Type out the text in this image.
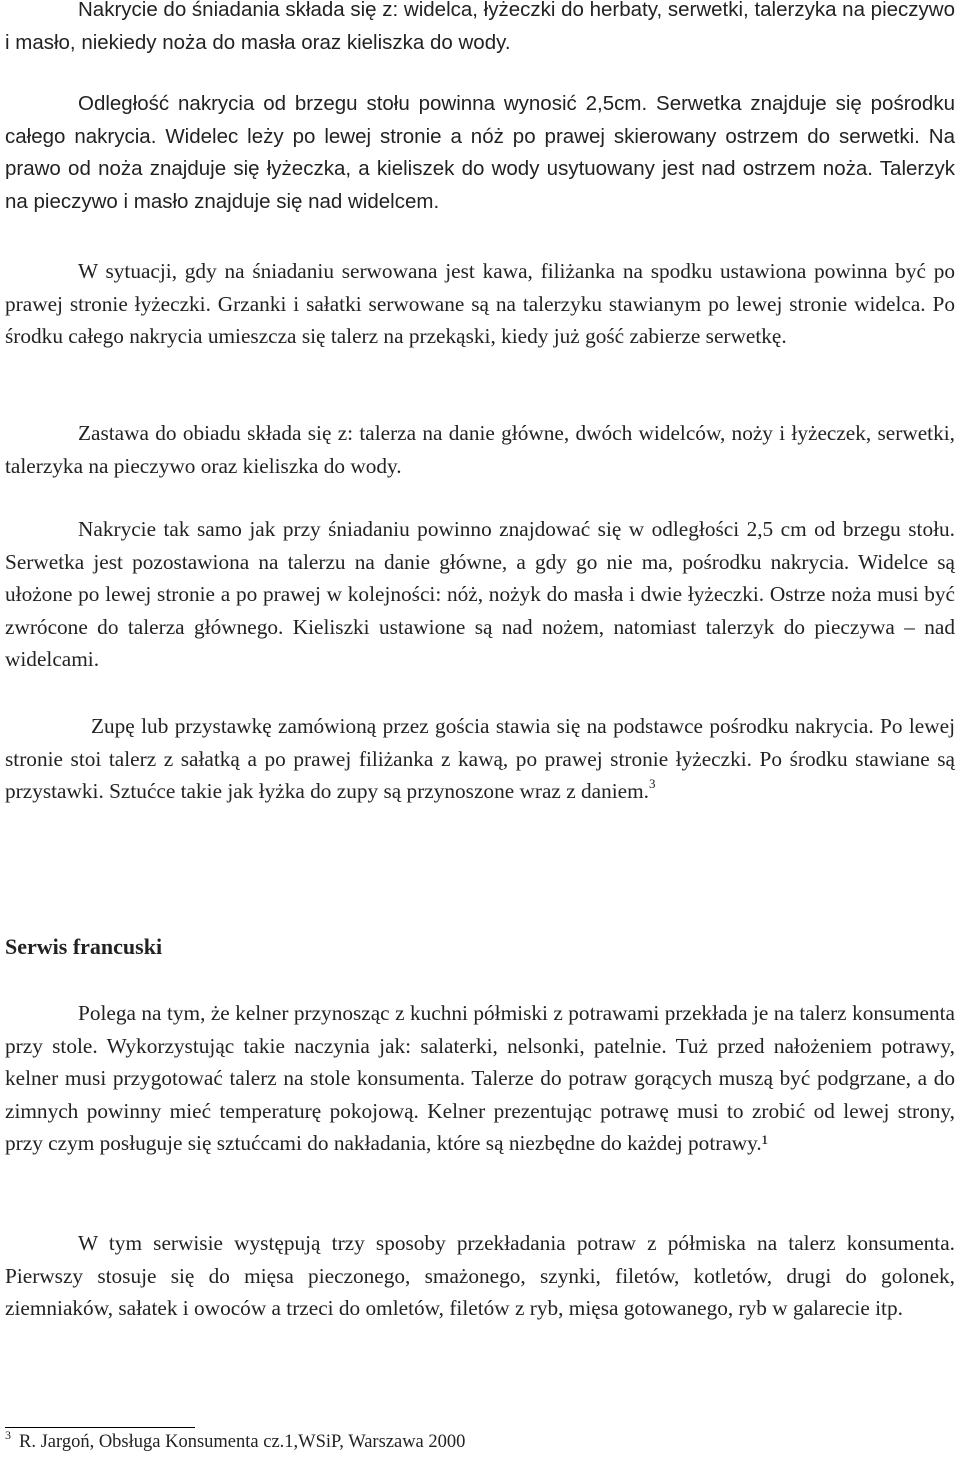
Nakrycie do śniadania składa się z: widelca, łyżeczki do herbaty, serwetki, talerzyka na pieczywo i masło, niekiedy noża do masła oraz kieliszka do wody.

Odległość nakrycia od brzegu stołu powinna wynosić 2,5cm. Serwetka znajduje się pośrodku całego nakrycia. Widelec leży po lewej stronie a nóż po prawej skierowany ostrzem do serwetki. Na prawo od noża znajduje się łyżeczka, a kieliszek do wody usytuowany jest nad ostrzem noża. Talerzyk na pieczywo i masło znajduje się nad widelcem.

W sytuacji, gdy na śniadaniu serwowana jest kawa, filiżanka na spodku ustawiona powinna być po prawej stronie łyżeczki. Grzanki i sałatki serwowane są na talerzyku stawianym po lewej stronie widelca. Po środku całego nakrycia umieszcza się talerz na przekąski, kiedy już gość zabierze serwetkę.

Zastawa do obiadu składa się z: talerza na danie główne, dwóch widelców, noży i łyżeczek, serwetki, talerzyka na pieczywo oraz kieliszka do wody.

Nakrycie tak samo jak przy śniadaniu powinno znajdować się w odległości 2,5 cm od brzegu stołu. Serwetka jest pozostawiona na talerzu na danie główne, a gdy go nie ma, pośrodku nakrycia. Widelce są ułożone po lewej stronie a po prawej w kolejności: nóż, nożyk do masła i dwie łyżeczki. Ostrze noża musi być zwrócone do talerza głównego. Kieliszki ustawione są nad nożem, natomiast talerzyk do pieczywa – nad widelcami.

Zupę lub przystawkę zamówioną przez gościa stawia się na podstawce pośrodku nakrycia. Po lewej stronie stoi talerz z sałatką a po prawej filiżanka z kawą, po prawej stronie łyżeczki. Po środku stawiane są przystawki. Sztućce takie jak łyżka do zupy są przynoszone wraz z daniem.$^3$

Serwis francuski

Polega na tym, że kelner przynosząc z kuchni półmiski z potrawami przekłada je na talerz konsumenta przy stole. Wykorzystując takie naczynia jak: salaterki, nelsonki, patelnie. Tuż przed nałożeniem potrawy, kelner musi przygotować talerz na stole konsumenta. Talerze do potraw gorących muszą być podgrzane, a do zimnych powinny mieć temperaturę pokojową. Kelner prezentując potrawę musi to zrobić od lewej strony, przy czym posługuje się sztućcami do nakładania, które są niezbędne do każdej potrawy.¹

W tym serwisie występują trzy sposoby przekładania potraw z półmiska na talerz konsumenta. Pierwszy stosuje się do mięsa pieczonego, smażonego, szynki, filetów, kotletów, drugi do golonek, ziemniaków, sałatek i owoców a trzeci do omletów, filetów z ryb, mięsa gotowanego, ryb w galarecie itp.

$^3$ R. Jargoń, Obsługa Konsumenta cz.1,WSiP, Warszawa 2000
